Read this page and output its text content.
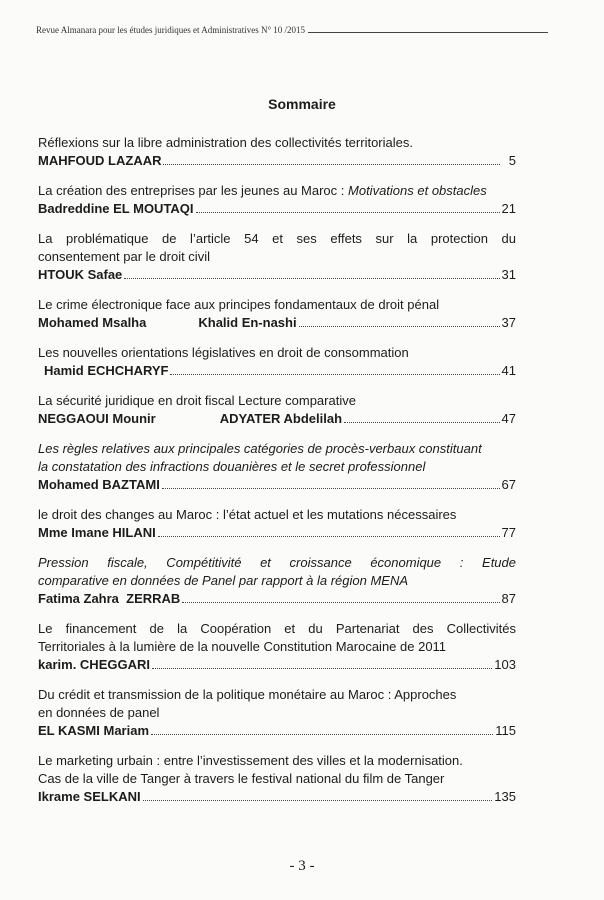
Revue Almanara pour les études juridiques et Administratives N° 10 /2015
Sommaire
Réflexions sur la libre administration des collectivités territoriales.
MAHFOUD LAZAAR	5
La création des entreprises par les jeunes au Maroc : Motivations et obstacles
Badreddine EL MOUTAQI	21
La problématique de l’article 54 et ses effets sur la protection du
consentement par le droit civil
HTOUK Safae	31
Le crime électronique face aux principes fondamentaux de droit pénal
Mohamed Msalha	Khalid En-nashi	37
Les nouvelles orientations législatives en droit de consommation
Hamid ECHCHARYF	41
La sécurité juridique en droit fiscal Lecture comparative
NEGGAOUI Mounir	ADYATER Abdelilah	47
Les règles relatives aux principales catégories de procès-verbaux constituant
la constatation des infractions douanières et le secret professionnel
Mohamed BAZTAMI	67
le droit des changes au Maroc : l’état actuel et les mutations nécessaires
Mme Imane HILANI	77
Pression fiscale, Compétitivité et croissance économique : Etude
comparative en données de Panel par rapport à la région MENA
Fatima Zahra  ZERRAB	87
Le financement de la Coopération et du Partenariat des Collectivités
Territoriales à la lumière de la nouvelle Constitution Marocaine de 2011
karim. CHEGGARI	103
Du crédit et transmission de la politique monétaire au Maroc : Approches
en données de panel
EL KASMI Mariam	115
Le marketing urbain : entre l’investissement des villes et la modernisation.
Cas de la ville de Tanger à travers le festival national du film de Tanger
Ikrame SELKANI	135
- 3 -
